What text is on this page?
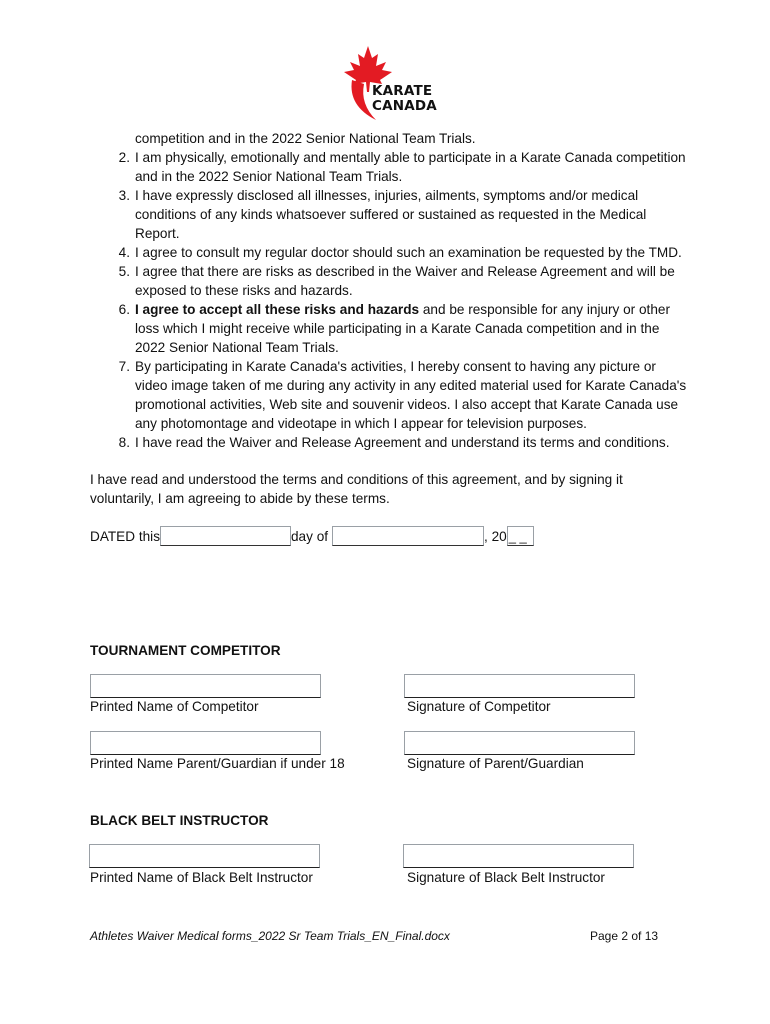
KARATE
CANADA
competition and in the 2022 Senior National Team Trials.
2. I am physically, emotionally and mentally able to participate in a Karate Canada competition and in the 2022 Senior National Team Trials.
3. I have expressly disclosed all illnesses, injuries, ailments, symptoms and/or medical conditions of any kinds whatsoever suffered or sustained as requested in the Medical Report.
4. I agree to consult my regular doctor should such an examination be requested by the TMD.
5. I agree that there are risks as described in the Waiver and Release Agreement and will be exposed to these risks and hazards.
6. I agree to accept all these risks and hazards and be responsible for any injury or other loss which I might receive while participating in a Karate Canada competition and in the 2022 Senior National Team Trials.
7. By participating in Karate Canada's activities, I hereby consent to having any picture or video image taken of me during any activity in any edited material used for Karate Canada's promotional activities, Web site and souvenir videos. I also accept that Karate Canada use any photomontage and videotape in which I appear for television purposes.
8. I have read the Waiver and Release Agreement and understand its terms and conditions.
I have read and understood the terms and conditions of this agreement, and by signing it voluntarily, I am agreeing to abide by these terms.
DATED this	day of	, 20 _ _
TOURNAMENT COMPETITOR
Printed Name of Competitor	Signature of Competitor
Printed Name Parent/Guardian if under 18	Signature of Parent/Guardian
BLACK BELT INSTRUCTOR
Printed Name of Black Belt Instructor	Signature of Black Belt Instructor
Athletes Waiver Medical forms_2022 Sr Team Trials_EN_Final.docx	Page 2 of 13
